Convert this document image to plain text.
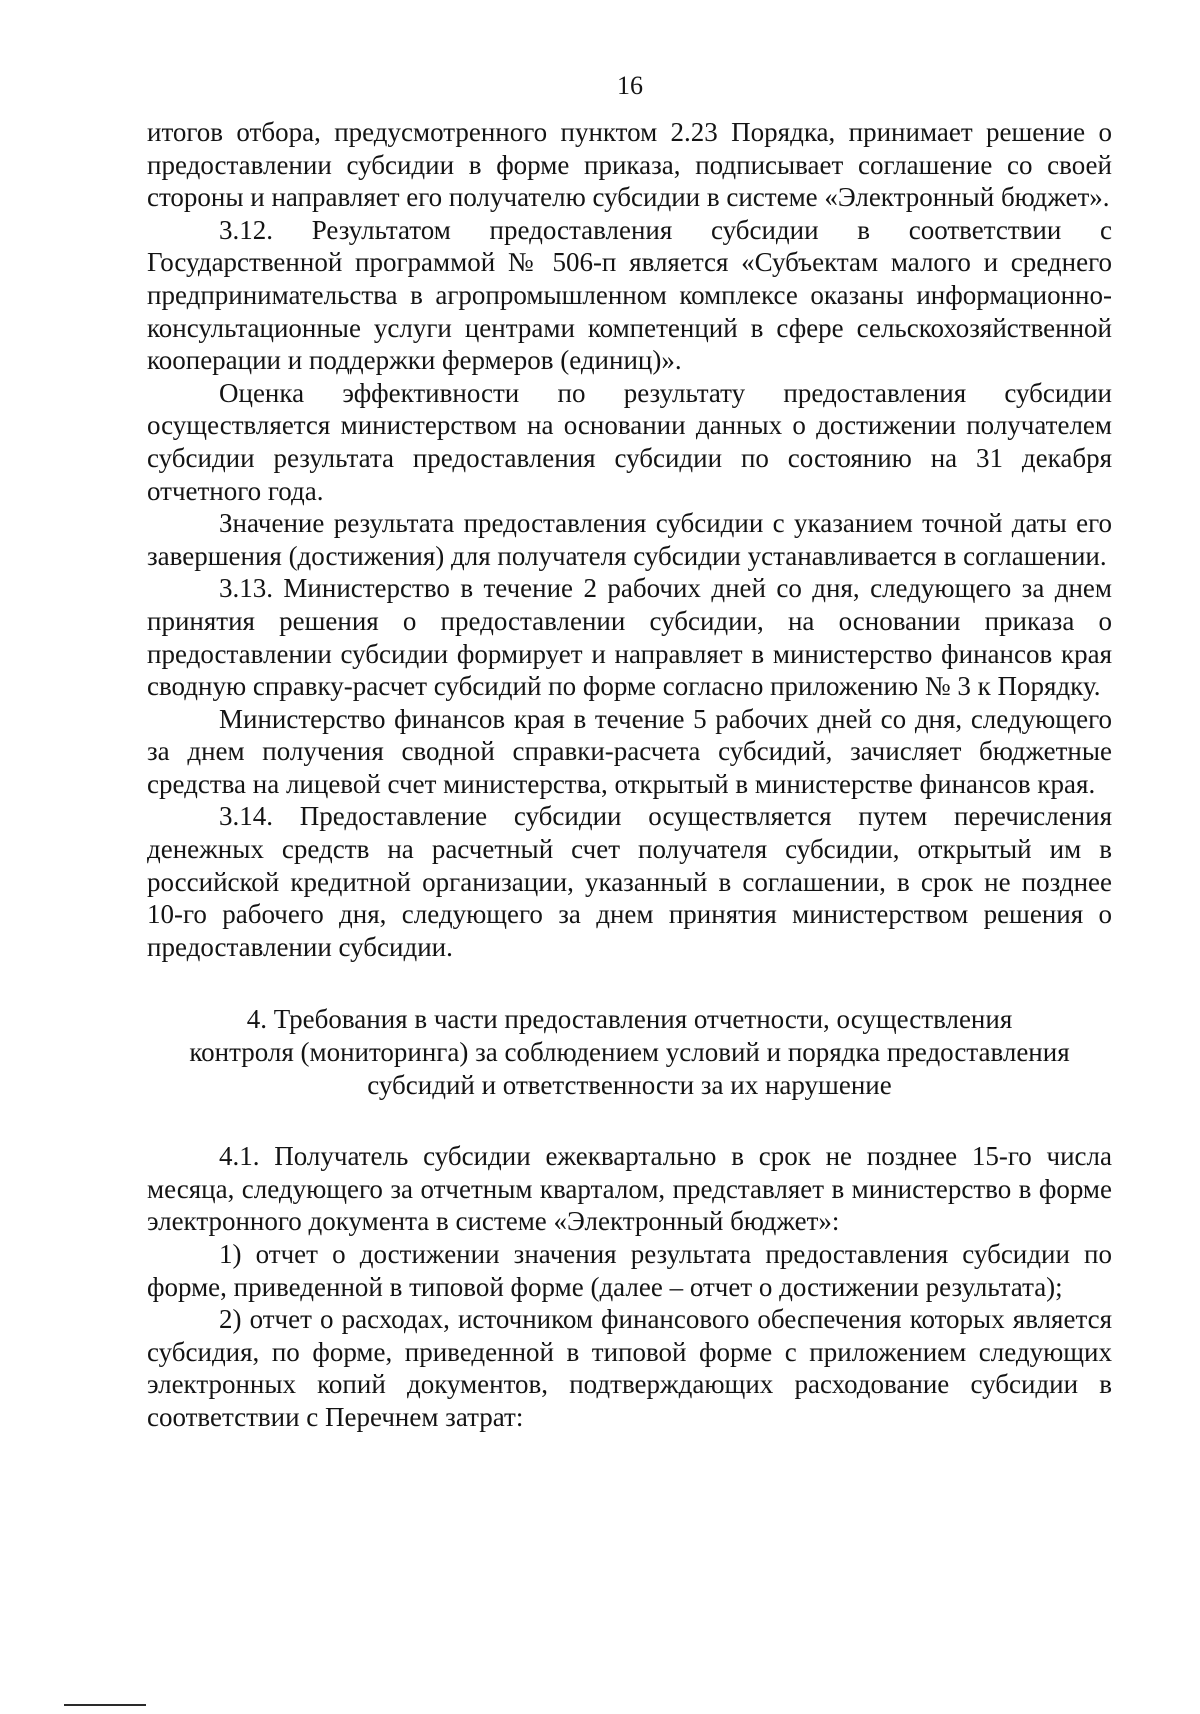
16

итогов отбора, предусмотренного пунктом 2.23 Порядка, принимает решение о предоставлении субсидии в форме приказа, подписывает соглашение со своей стороны и направляет его получателю субсидии в системе «Электронный бюджет».

3.12. Результатом предоставления субсидии в соответствии с Государственной программой № 506-п является «Субъектам малого и среднего предпринимательства в агропромышленном комплексе оказаны информационно-консультационные услуги центрами компетенций в сфере сельскохозяйственной кооперации и поддержки фермеров (единиц)».

Оценка эффективности по результату предоставления субсидии осуществляется министерством на основании данных о достижении получателем субсидии результата предоставления субсидии по состоянию на 31 декабря отчетного года.

Значение результата предоставления субсидии с указанием точной даты его завершения (достижения) для получателя субсидии устанавливается в соглашении.

3.13. Министерство в течение 2 рабочих дней со дня, следующего за днем принятия решения о предоставлении субсидии, на основании приказа о предоставлении субсидии формирует и направляет в министерство финансов края сводную справку-расчет субсидий по форме согласно приложению № 3 к Порядку.

Министерство финансов края в течение 5 рабочих дней со дня, следующего за днем получения сводной справки-расчета субсидий, зачисляет бюджетные средства на лицевой счет министерства, открытый в министерстве финансов края.

3.14. Предоставление субсидии осуществляется путем перечисления денежных средств на расчетный счет получателя субсидии, открытый им в российской кредитной организации, указанный в соглашении, в срок не позднее 10-го рабочего дня, следующего за днем принятия министерством решения о предоставлении субсидии.

4. Требования в части предоставления отчетности, осуществления
контроля (мониторинга) за соблюдением условий и порядка предоставления
субсидий и ответственности за их нарушение

4.1. Получатель субсидии ежеквартально в срок не позднее 15-го числа месяца, следующего за отчетным кварталом, представляет в министерство в форме электронного документа в системе «Электронный бюджет»:

1) отчет о достижении значения результата предоставления субсидии по форме, приведенной в типовой форме (далее – отчет о достижении результата);

2) отчет о расходах, источником финансового обеспечения которых является субсидия, по форме, приведенной в типовой форме с приложением следующих электронных копий документов, подтверждающих расходование субсидии в соответствии с Перечнем затрат:
